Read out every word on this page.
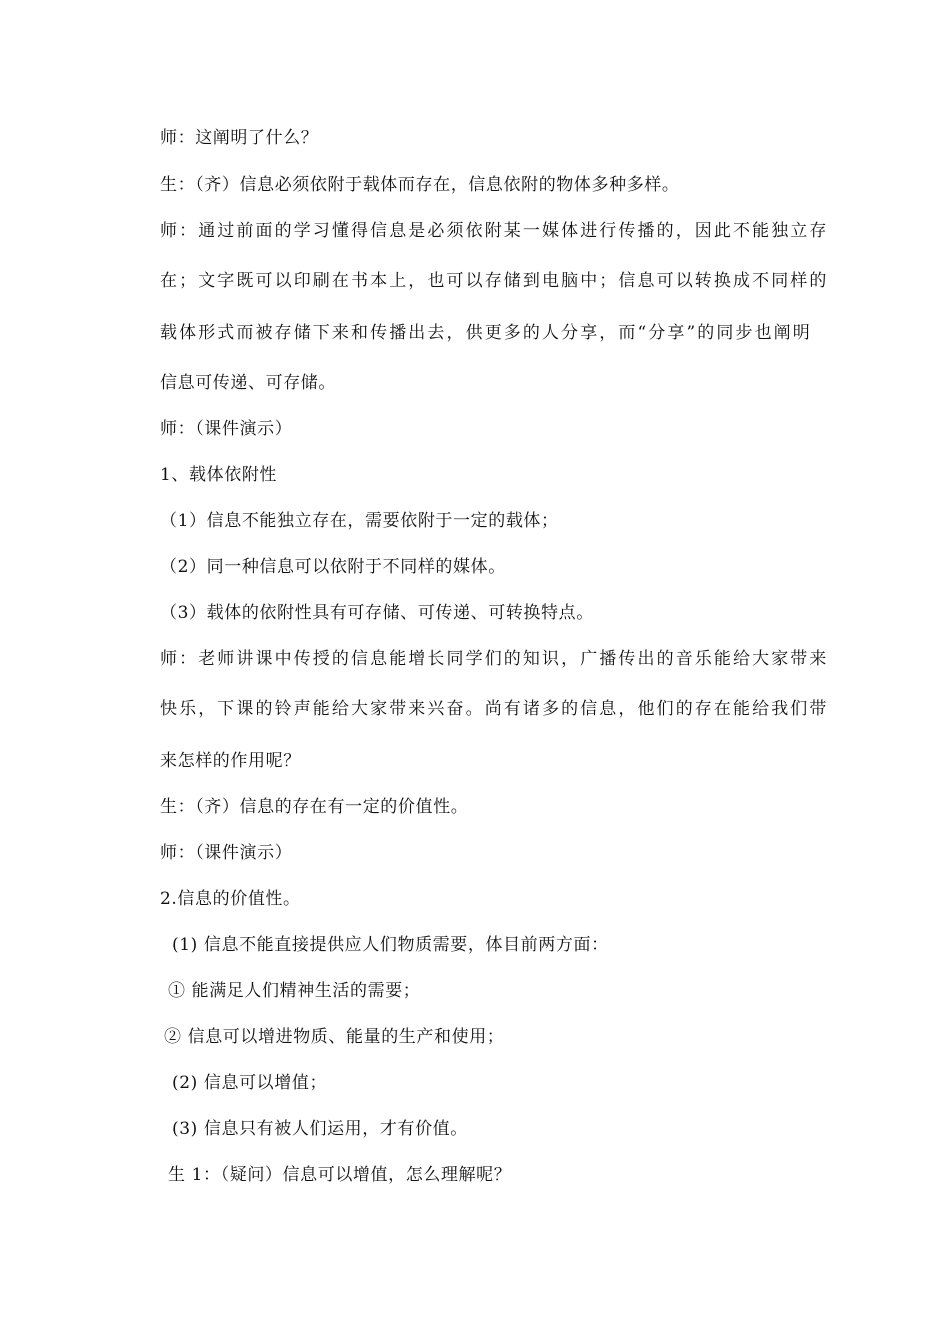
师：这阐明了什么？
生：（齐）信息必须依附于载体而存在，信息依附的物体多种多样。
师：通过前面的学习懂得信息是必须依附某一媒体进行传播的，因此不能独立存
在；文字既可以印刷在书本上，也可以存储到电脑中；信息可以转换成不同样的
载体形式而被存储下来和传播出去，供更多的人分享，而“分享”的同步也阐明
信息可传递、可存储。
师：（课件演示）
1、载体依附性
（1）信息不能独立存在，需要依附于一定的载体；
（2）同一种信息可以依附于不同样的媒体。
（3）载体的依附性具有可存储、可传递、可转换特点。
师：老师讲课中传授的信息能增长同学们的知识，广播传出的音乐能给大家带来
快乐，下课的铃声能给大家带来兴奋。尚有诸多的信息，他们的存在能给我们带
来怎样的作用呢？
生：（齐）信息的存在有一定的价值性。
师：（课件演示）
2.信息的价值性。
(1) 信息不能直接提供应人们物质需要，体目前两方面：
① 能满足人们精神生活的需要；
② 信息可以增进物质、能量的生产和使用；
(2) 信息可以增值；
(3) 信息只有被人们运用，才有价值。
生 1：（疑问）信息可以增值，怎么理解呢？
